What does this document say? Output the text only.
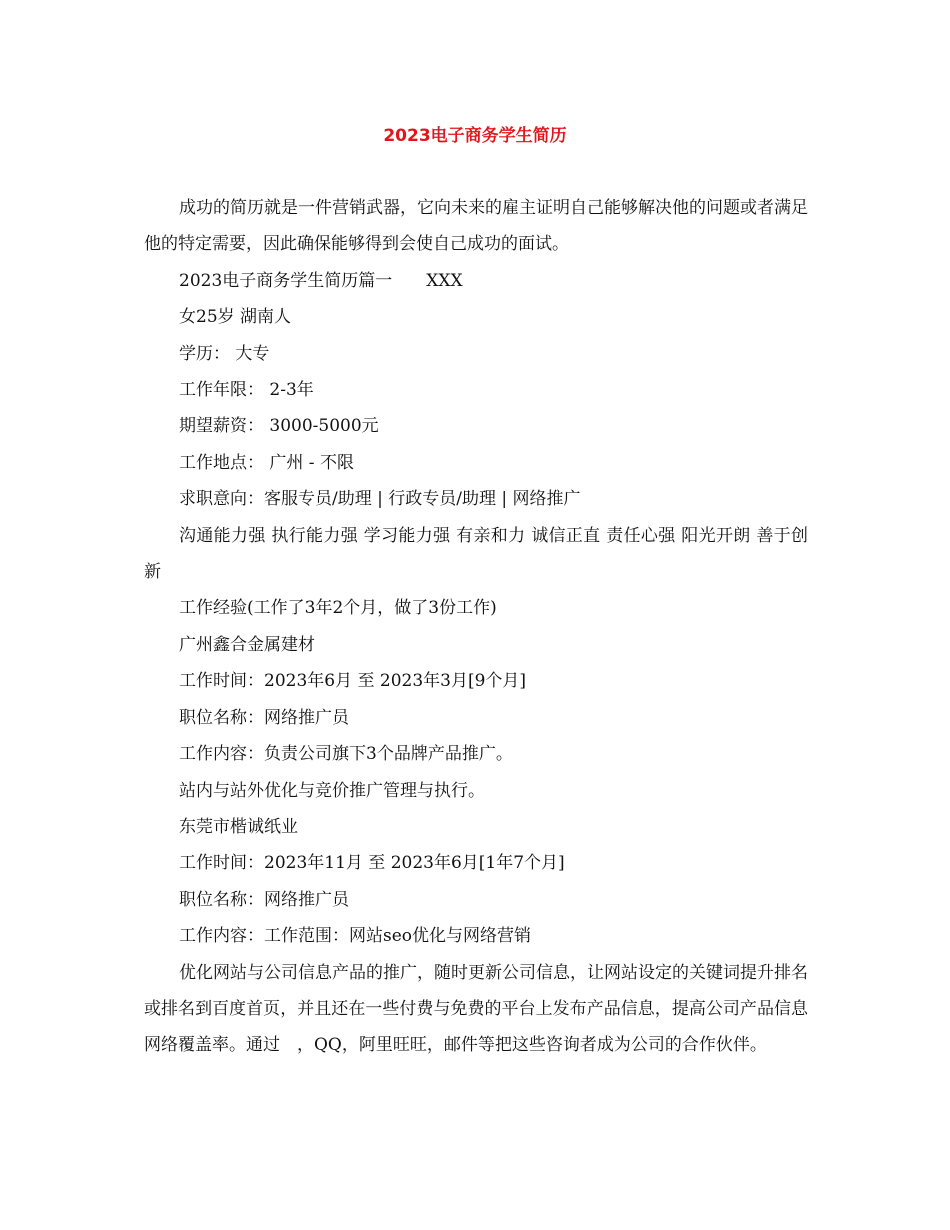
2023电子商务学生简历

成功的简历就是一件营销武器，它向未来的雇主证明自己能够解决他的问题或者满足他的特定需要，因此确保能够得到会使自己成功的面试。

2023电子商务学生简历篇一　　XXX

女25岁 湖南人

学历： 大专

工作年限： 2-3年

期望薪资： 3000-5000元

工作地点： 广州 - 不限

求职意向：客服专员/助理 | 行政专员/助理 | 网络推广

沟通能力强 执行能力强 学习能力强 有亲和力 诚信正直 责任心强 阳光开朗 善于创新

工作经验(工作了3年2个月，做了3份工作)

广州鑫合金属建材

工作时间：2023年6月 至 2023年3月[9个月]

职位名称：网络推广员

工作内容：负责公司旗下3个品牌产品推广。

站内与站外优化与竞价推广管理与执行。

东莞市楷诚纸业

工作时间：2023年11月 至 2023年6月[1年7个月]

职位名称：网络推广员

工作内容：工作范围：网站seo优化与网络营销

优化网站与公司信息产品的推广，随时更新公司信息，让网站设定的关键词提升排名或排名到百度首页，并且还在一些付费与免费的平台上发布产品信息，提高公司产品信息网络覆盖率。通过　，QQ，阿里旺旺，邮件等把这些咨询者成为公司的合作伙伴。
